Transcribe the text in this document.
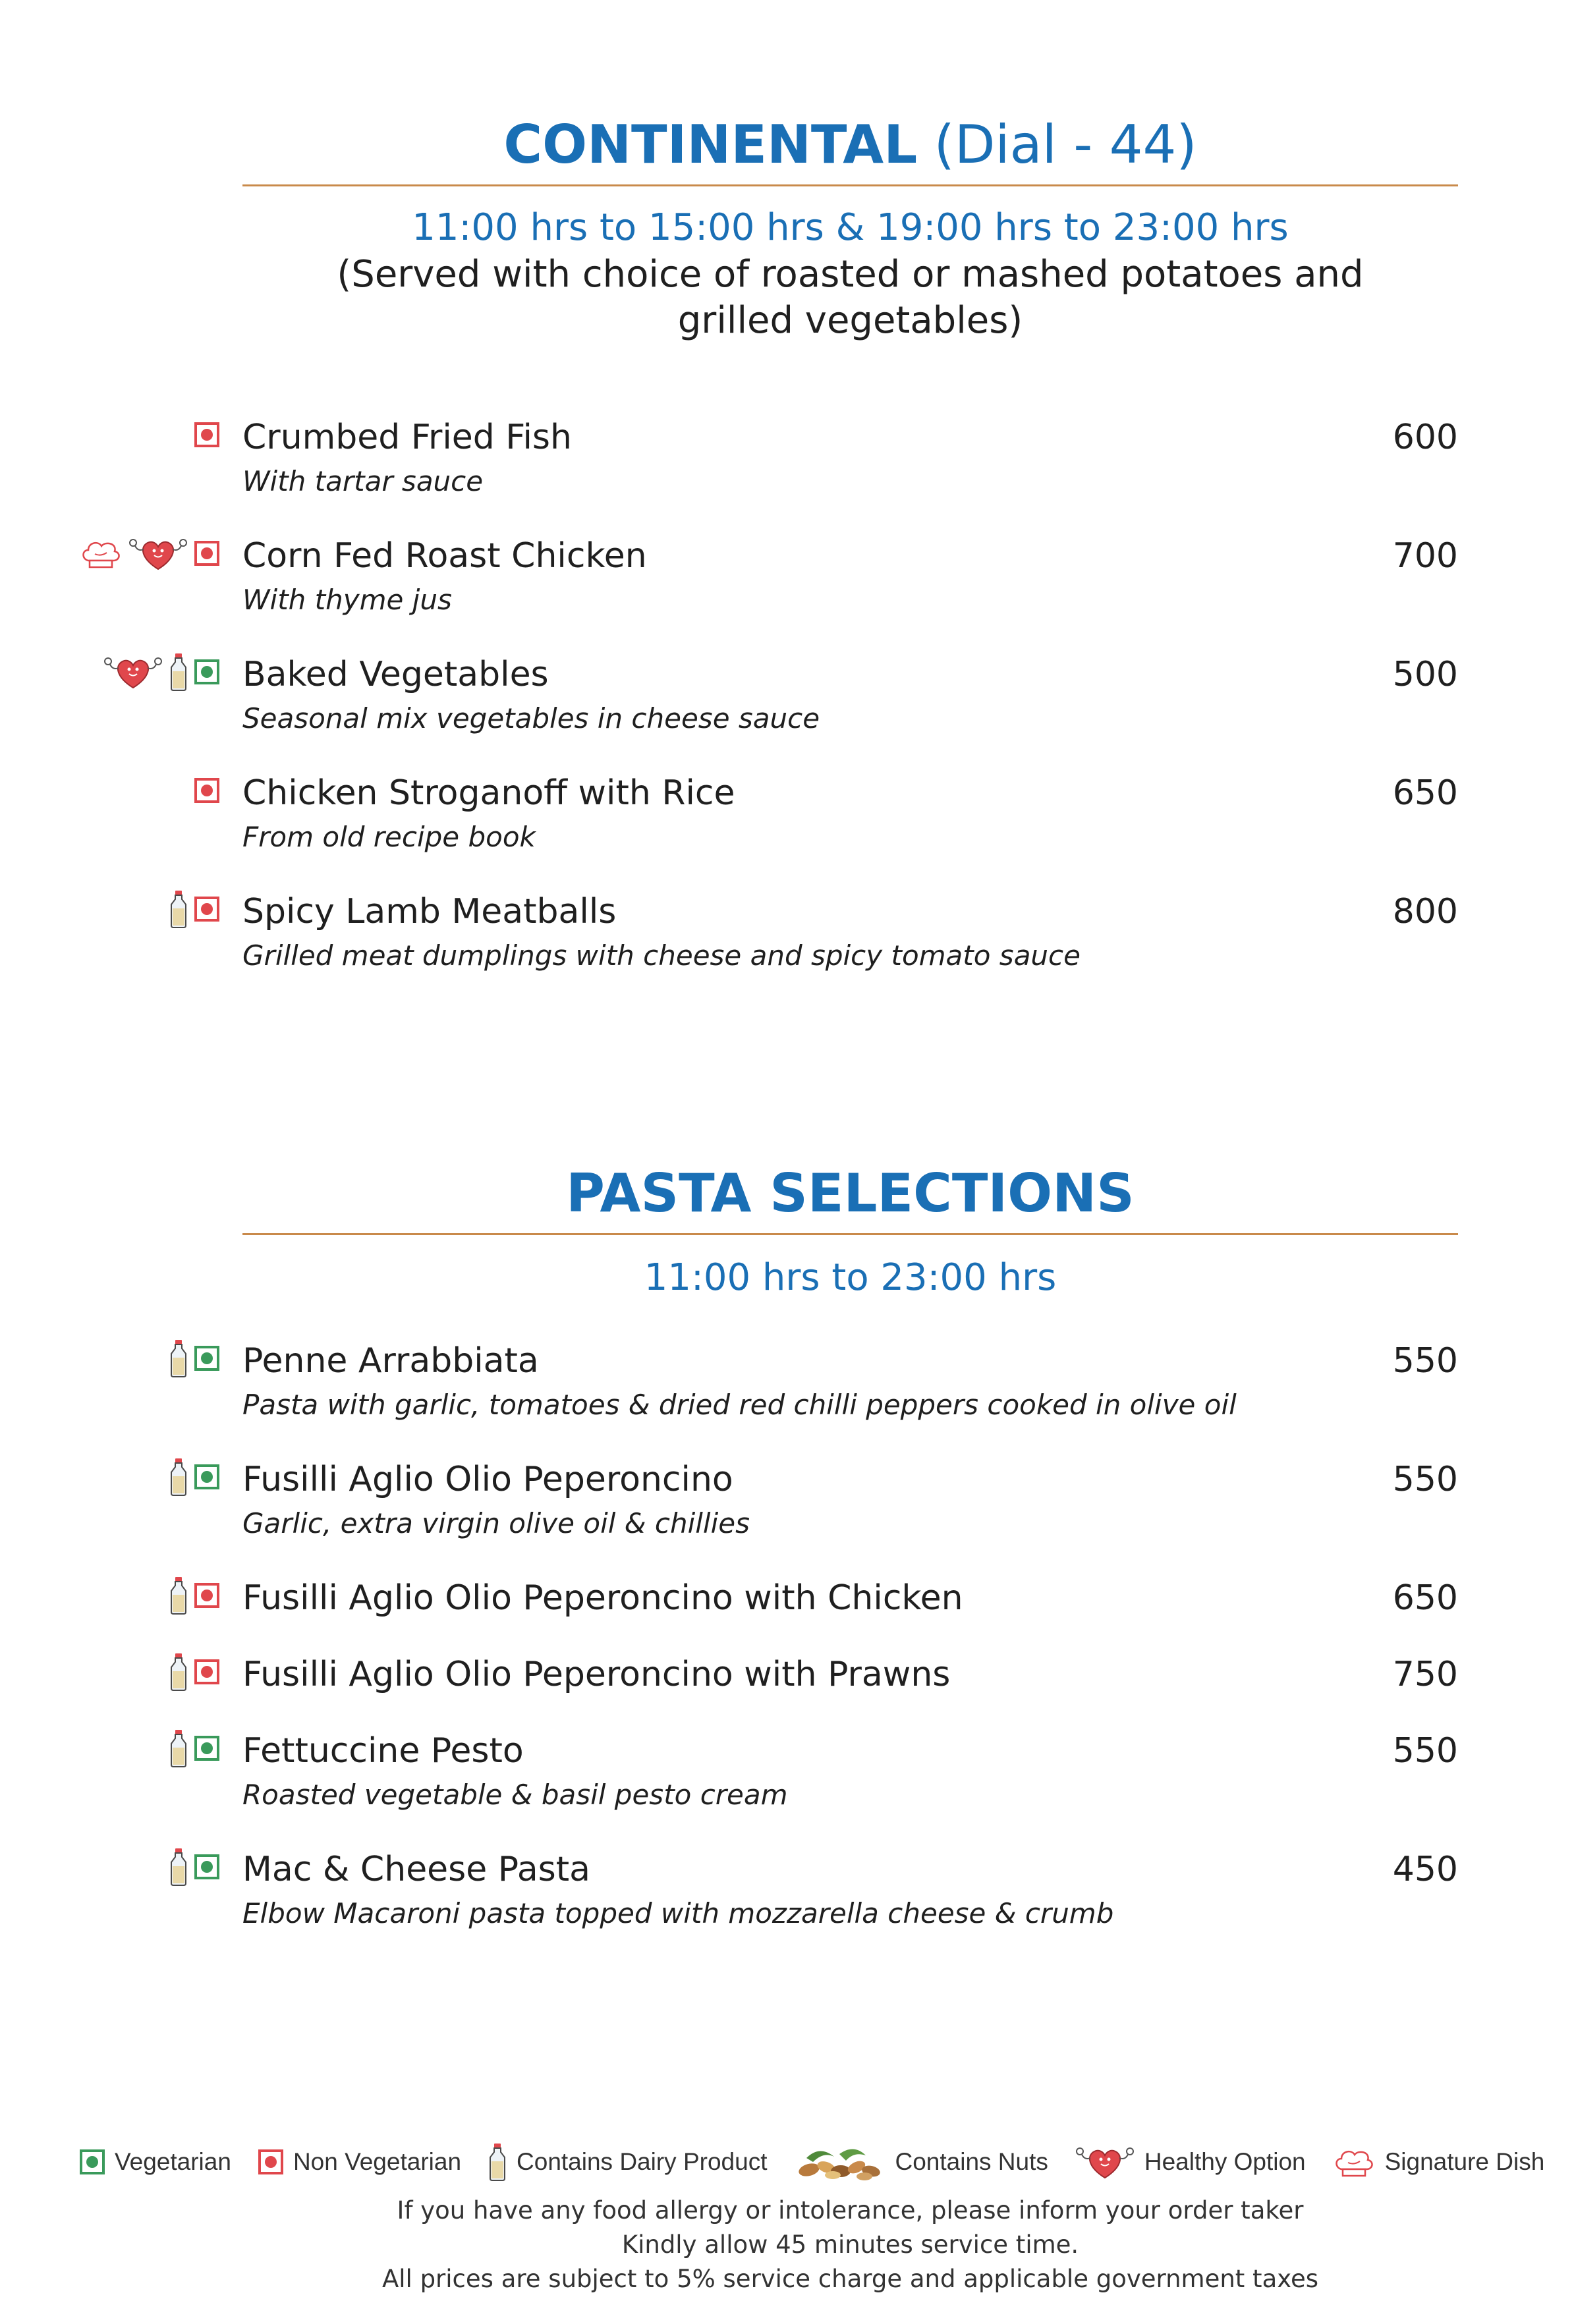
CONTINENTAL (Dial - 44)
11:00 hrs to 15:00 hrs & 19:00 hrs to 23:00 hrs
(Served with choice of roasted or mashed potatoes and
grilled vegetables)
Crumbed Fried Fish	600
With tartar sauce
Corn Fed Roast Chicken	700
With thyme jus
Baked Vegetables	500
Seasonal mix vegetables in cheese sauce
Chicken Stroganoff with Rice	650
From old recipe book
Spicy Lamb Meatballs	800
Grilled meat dumplings with cheese and spicy tomato sauce
PASTA SELECTIONS
11:00 hrs to 23:00 hrs
Penne Arrabbiata	550
Pasta with garlic, tomatoes & dried red chilli peppers cooked in olive oil
Fusilli Aglio Olio Peperoncino	550
Garlic, extra virgin olive oil & chillies
Fusilli Aglio Olio Peperoncino with Chicken	650
Fusilli Aglio Olio Peperoncino with Prawns	750
Fettuccine Pesto	550
Roasted vegetable & basil pesto cream
Mac & Cheese Pasta	450
Elbow Macaroni pasta topped with mozzarella cheese & crumb
Vegetarian	Non Vegetarian Contains Dairy Product	Contains Nuts	Healthy Option	Signature Dish
If you have any food allergy or intolerance, please inform your order taker
Kindly allow 45 minutes service time.
All prices are subject to 5% service charge and applicable government taxes
